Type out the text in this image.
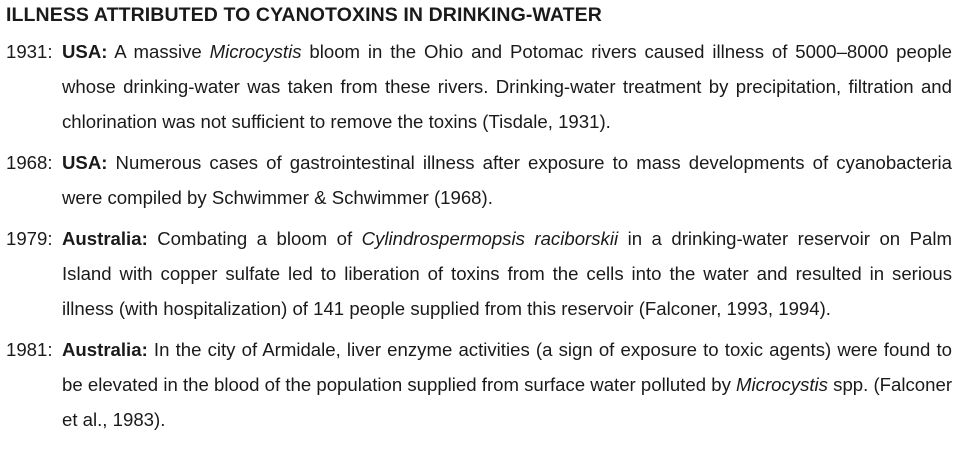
ILLNESS ATTRIBUTED TO CYANOTOXINS IN DRINKING-WATER
1931: USA: A massive Microcystis bloom in the Ohio and Potomac rivers caused illness of 5000–8000 people whose drinking-water was taken from these rivers. Drinking-water treatment by precipitation, filtration and chlorination was not sufficient to remove the toxins (Tisdale, 1931).
1968: USA: Numerous cases of gastrointestinal illness after exposure to mass developments of cyanobacteria were compiled by Schwimmer & Schwimmer (1968).
1979: Australia: Combating a bloom of Cylindrospermopsis raciborskii in a drinking-water reservoir on Palm Island with copper sulfate led to liberation of toxins from the cells into the water and resulted in serious illness (with hospitalization) of 141 people supplied from this reservoir (Falconer, 1993, 1994).
1981: Australia: In the city of Armidale, liver enzyme activities (a sign of exposure to toxic agents) were found to be elevated in the blood of the population supplied from surface water polluted by Microcystis spp. (Falconer et al., 1983).
